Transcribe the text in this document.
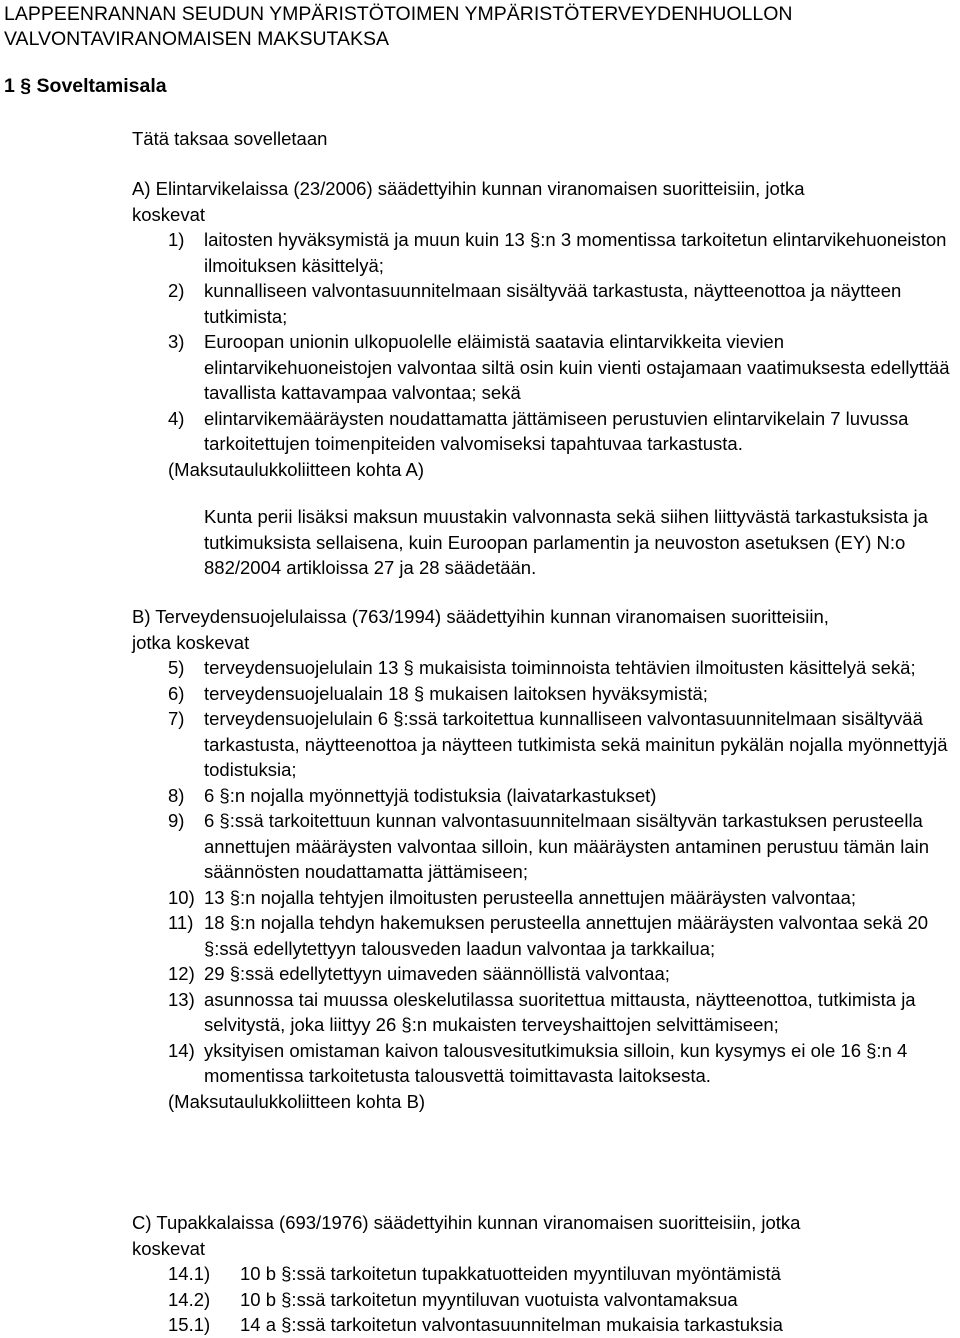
LAPPEENRANNAN SEUDUN YMPÄRISTÖTOIMEN YMPÄRISTÖTERVEYDENHUOLLON
VALVONTAVIRANOMAISEN MAKSUTAKSA
1 § Soveltamisala
Tätä taksaa sovelletaan

A) Elintarvikelaissa (23/2006) säädettyihin kunnan viranomaisen suoritteisiin, jotka

koskevat

1) laitosten hyväksymistä ja muun kuin 13 §:n 3 momentissa tarkoitetun elintarvikehuoneiston ilmoituksen käsittelyä;
2) kunnalliseen valvontasuunnitelmaan sisältyvää tarkastusta, näytteenottoa ja näytteen tutkimista;
3) Euroopan unionin ulkopuolelle eläimistä saatavia elintarvikkeita vievien elintarvikehuoneistojen valvontaa siltä osin kuin vienti ostajamaan vaatimuksesta edellyttää tavallista kattavampaa valvontaa; sekä
4) elintarvikemääräysten noudattamatta jättämiseen perustuvien elintarvikelain 7 luvussa tarkoitettujen toimenpiteiden valvomiseksi tapahtuvaa tarkastusta.

(Maksutaulukkoliitteen kohta A)

Kunta perii lisäksi maksun muustakin valvonnasta sekä siihen liittyvästä tarkastuksista ja tutkimuksista sellaisena, kuin Euroopan parlamentin ja neuvoston asetuksen (EY) N:o 882/2004 artikloissa 27 ja 28 säädetään.

B) Terveydensuojelulaissa (763/1994) säädettyihin kunnan viranomaisen suoritteisiin,

jotka koskevat

5) terveydensuojelulain 13 § mukaisista toiminnoista tehtävien ilmoitusten käsittelyä sekä;
6) terveydensuojelualain 18 § mukaisen laitoksen hyväksymistä;
7) terveydensuojelulain 6 §:ssä tarkoitettua kunnalliseen valvontasuunnitelmaan sisältyvää tarkastusta, näytteenottoa ja näytteen tutkimista sekä mainitun pykälän nojalla myönnettyjä todistuksia;
8) 6 §:n nojalla myönnettyjä todistuksia (laivatarkastukset)
9) 6 §:ssä tarkoitettuun kunnan valvontasuunnitelmaan sisältyvän tarkastuksen perusteella annettujen määräysten valvontaa silloin, kun määräysten antaminen perustuu tämän lain säännösten noudattamatta jättämiseen;
10) 13 §:n nojalla tehtyjen ilmoitusten perusteella annettujen määräysten valvontaa;
11) 18 §:n nojalla tehdyn hakemuksen perusteella annettujen määräysten valvontaa sekä 20 §:ssä edellytettyyn talousveden laadun valvontaa ja tarkkailua;
12) 29 §:ssä edellytettyyn uimaveden säännöllistä valvontaa;
13) asunnossa tai muussa oleskelutilassa suoritettua mittausta, näytteenottoa, tutkimista ja selvitystä, joka liittyy 26 §:n mukaisten terveyshaittojen selvittämiseen;
14) yksityisen omistaman kaivon talousvesitutkimuksia silloin, kun kysymys ei ole 16 §:n 4 momentissa tarkoitetusta talousvettä toimittavasta laitoksesta.

(Maksutaulukkoliitteen kohta B)

C) Tupakkalaissa (693/1976) säädettyihin kunnan viranomaisen suoritteisiin, jotka

koskevat

14.1) 10 b §:ssä tarkoitetun tupakkatuotteiden myyntiluvan myöntämistä
14.2) 10 b §:ssä tarkoitetun myyntiluvan vuotuista valvontamaksua
15.1) 14 a §:ssä tarkoitetun valvontasuunnitelman mukaisia tarkastuksia
